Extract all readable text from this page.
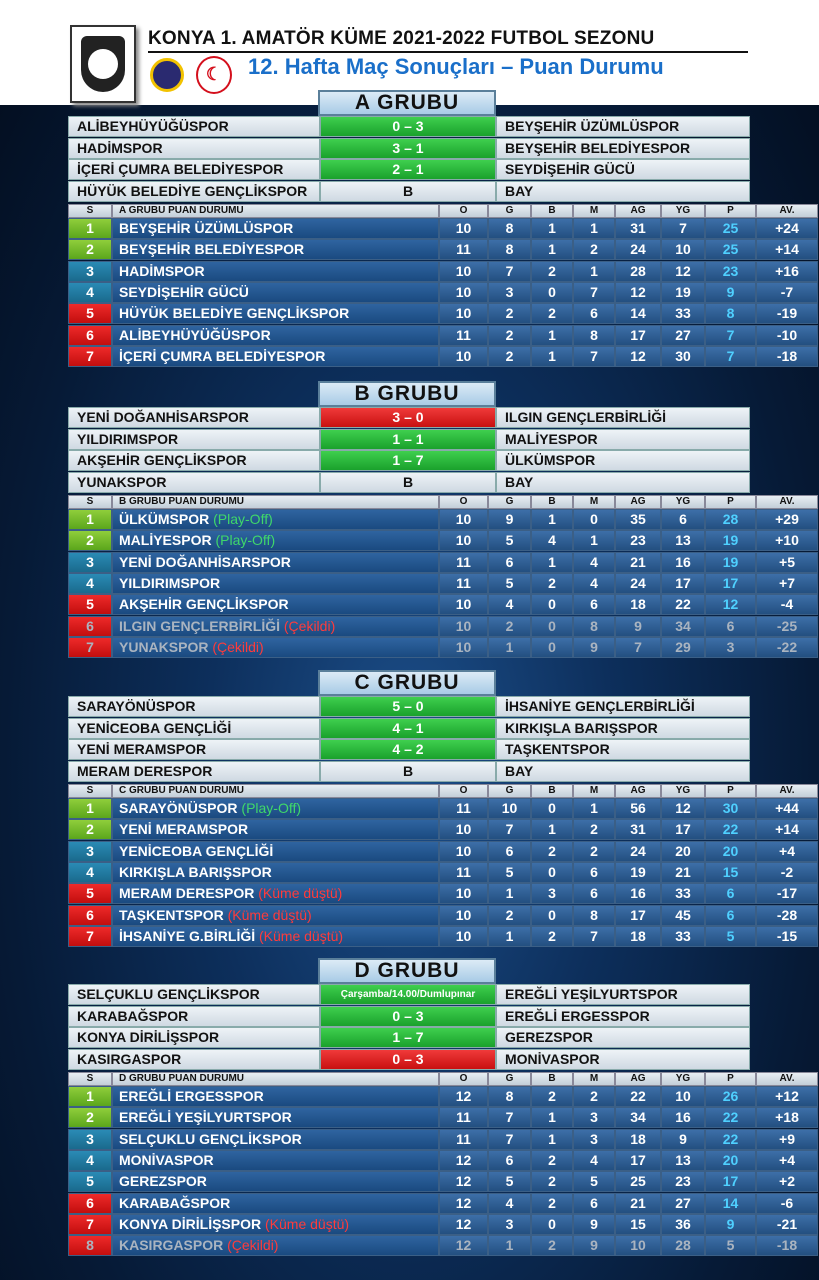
☾
KONYA 1. AMATÖR KÜME 2021-2022 FUTBOL SEZONU
12. Hafta Maç Sonuçları – Puan Durumu
A GRUBU
ALİBEYHÜYÜĞÜSPOR	0 – 3	BEYŞEHİR ÜZÜMLÜSPOR
HADİMSPOR	3 – 1	BEYŞEHİR BELEDİYESPOR
İÇERİ ÇUMRA BELEDİYESPOR	2 – 1	SEYDİŞEHİR GÜCÜ
HÜYÜK BELEDİYE GENÇLİKSPOR	B	BAY
S	A GRUBU PUAN DURUMU	O	G	B	M	AG	YG	P	AV.
1	BEYŞEHİR ÜZÜMLÜSPOR	10	8	1	1	31	7	25	+24
2	BEYŞEHİR BELEDİYESPOR	11	8	1	2	24	10	25	+14
3	HADİMSPOR	10	7	2	1	28	12	23	+16
4	SEYDİŞEHİR GÜCÜ	10	3	0	7	12	19	9	-7
5	HÜYÜK BELEDİYE GENÇLİKSPOR	10	2	2	6	14	33	8	-19
6	ALİBEYHÜYÜĞÜSPOR	11	2	1	8	17	27	7	-10
7	İÇERİ ÇUMRA BELEDİYESPOR	10	2	1	7	12	30	7	-18
B GRUBU
YENİ DOĞANHİSARSPOR	3 – 0	ILGIN GENÇLERBİRLİĞİ
YILDIRIMSPOR	1 – 1	MALİYESPOR
AKŞEHİR GENÇLİKSPOR	1 – 7	ÜLKÜMSPOR
YUNAKSPOR	B	BAY
S	B GRUBU PUAN DURUMU	O	G	B	M	AG	YG	P	AV.
1	ÜLKÜMSPOR (Play-Off)	10	9	1	0	35	6	28	+29
2	MALİYESPOR (Play-Off)	10	5	4	1	23	13	19	+10
3	YENİ DOĞANHİSARSPOR	11	6	1	4	21	16	19	+5
4	YILDIRIMSPOR	11	5	2	4	24	17	17	+7
5	AKŞEHİR GENÇLİKSPOR	10	4	0	6	18	22	12	-4
6	ILGIN GENÇLERBİRLİĞİ (Çekildi)	10	2	0	8	9	34	6	-25
7	YUNAKSPOR (Çekildi)	10	1	0	9	7	29	3	-22
C GRUBU
SARAYÖNÜSPOR	5 – 0	İHSANİYE GENÇLERBİRLİĞİ
YENİCEOBA GENÇLİĞİ	4 – 1	KIRKIŞLA BARIŞSPOR
YENİ MERAMSPOR	4 – 2	TAŞKENTSPOR
MERAM DERESPOR	B	BAY
S	C GRUBU PUAN DURUMU	O	G	B	M	AG	YG	P	AV.
1	SARAYÖNÜSPOR (Play-Off)	11	10	0	1	56	12	30	+44
2	YENİ MERAMSPOR	10	7	1	2	31	17	22	+14
3	YENİCEOBA GENÇLİĞİ	10	6	2	2	24	20	20	+4
4	KIRKIŞLA BARIŞSPOR	11	5	0	6	19	21	15	-2
5	MERAM DERESPOR (Küme düştü)	10	1	3	6	16	33	6	-17
6	TAŞKENTSPOR (Küme düştü)	10	2	0	8	17	45	6	-28
7	İHSANİYE G.BİRLİĞİ (Küme düştü)	10	1	2	7	18	33	5	-15
D GRUBU
SELÇUKLU GENÇLİKSPOR	Çarşamba/14.00/Dumlupınar	EREĞLİ YEŞİLYURTSPOR
KARABAĞSPOR	0 – 3	EREĞLİ ERGESSPOR
KONYA DİRİLİŞSPOR	1 – 7	GEREZSPOR
KASIRGASPOR	0 – 3	MONİVASPOR
S	D GRUBU PUAN DURUMU	O	G	B	M	AG	YG	P	AV.
1	EREĞLİ ERGESSPOR	12	8	2	2	22	10	26	+12
2	EREĞLİ YEŞİLYURTSPOR	11	7	1	3	34	16	22	+18
3	SELÇUKLU GENÇLİKSPOR	11	7	1	3	18	9	22	+9
4	MONİVASPOR	12	6	2	4	17	13	20	+4
5	GEREZSPOR	12	5	2	5	25	23	17	+2
6	KARABAĞSPOR	12	4	2	6	21	27	14	-6
7	KONYA DİRİLİŞSPOR (Küme düştü)	12	3	0	9	15	36	9	-21
8	KASIRGASPOR (Çekildi)	12	1	2	9	10	28	5	-18
